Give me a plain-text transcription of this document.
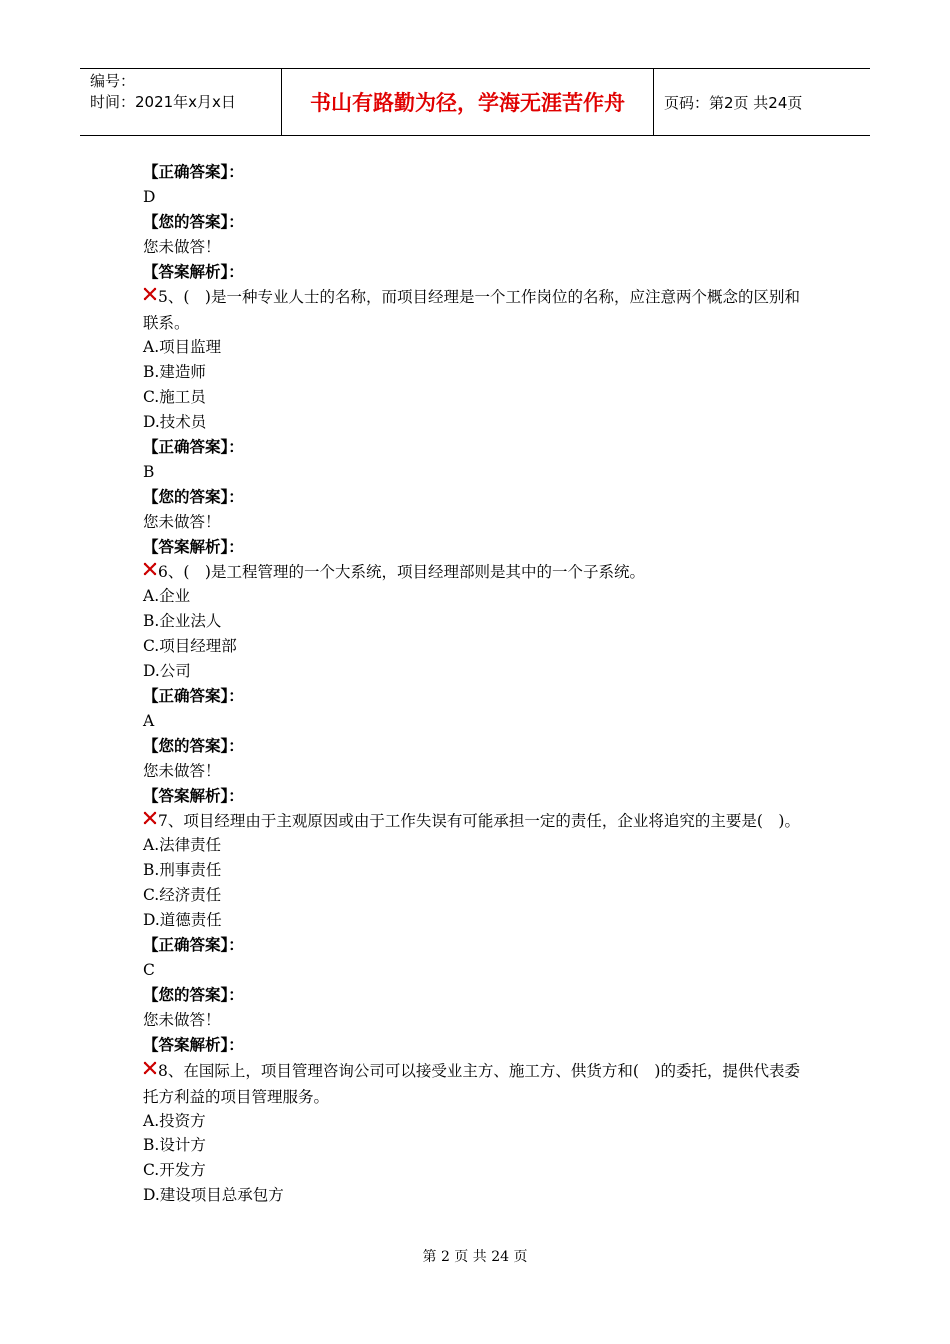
编号：
时间：2021年x月x日	书山有路勤为径，学海无涯苦作舟	页码：第2页 共24页
【正确答案】：
D
【您的答案】：
您未做答！
【答案解析】：
5、(　)是一种专业人士的名称，而项目经理是一个工作岗位的名称，应注意两个概念的区别和联系。
A.项目监理
B.建造师
C.施工员
D.技术员
【正确答案】：
B
【您的答案】：
您未做答！
【答案解析】：
6、(　)是工程管理的一个大系统，项目经理部则是其中的一个子系统。
A.企业
B.企业法人
C.项目经理部
D.公司
【正确答案】：
A
【您的答案】：
您未做答！
【答案解析】：
7、项目经理由于主观原因或由于工作失误有可能承担一定的责任，企业将追究的主要是(　)。
A.法律责任
B.刑事责任
C.经济责任
D.道德责任
【正确答案】：
C
【您的答案】：
您未做答！
【答案解析】：
8、在国际上，项目管理咨询公司可以接受业主方、施工方、供货方和(　)的委托，提供代表委托方利益的项目管理服务。
A.投资方
B.设计方
C.开发方
D.建设项目总承包方
第 2 页 共 24 页
